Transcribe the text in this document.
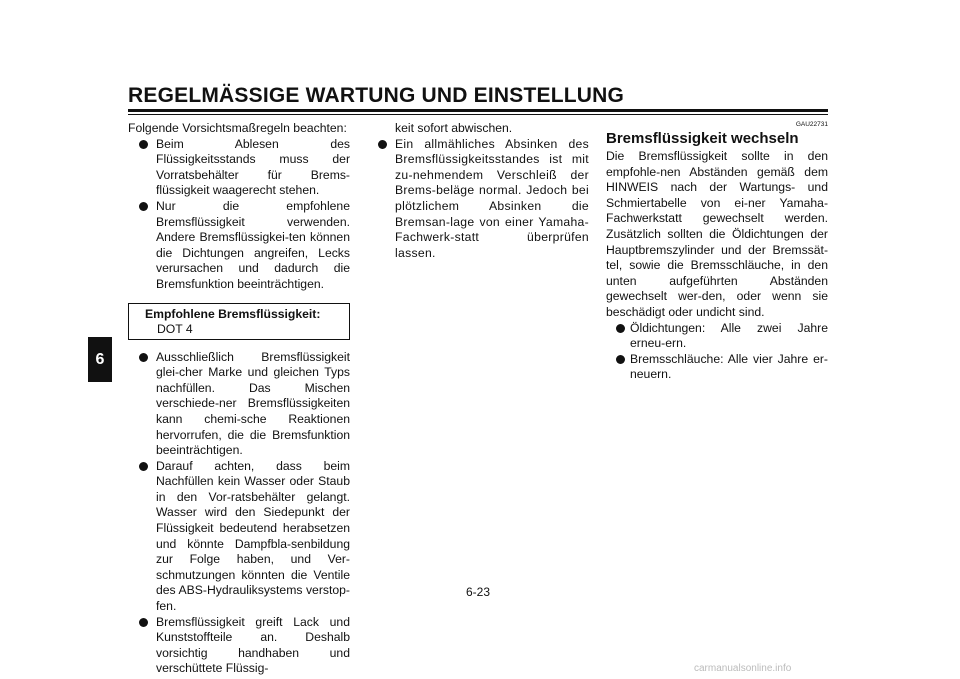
REGELMÄSSIGE WARTUNG UND EINSTELLUNG
6

Folgende Vorsichtsmaßregeln beachten:

Beim Ablesen des Flüssigkeitsstands muss der Vorratsbehälter für Brems-flüssigkeit waagerecht stehen.

Nur die empfohlene Bremsflüssigkeit verwenden. Andere Bremsflüssigkei-ten können die Dichtungen angreifen, Lecks verursachen und dadurch die Bremsfunktion beeinträchtigen.

Empfohlene Bremsflüssigkeit:
DOT 4

Ausschließlich Bremsflüssigkeit glei-cher Marke und gleichen Typs nachfüllen. Das Mischen verschiede-ner Bremsflüssigkeiten kann chemi-sche Reaktionen hervorrufen, die die Bremsfunktion beeinträchtigen.

Darauf achten, dass beim Nachfüllen kein Wasser oder Staub in den Vor-ratsbehälter gelangt. Wasser wird den Siedepunkt der Flüssigkeit bedeutend herabsetzen und könnte Dampfbla-senbildung zur Folge haben, und Ver-schmutzungen könnten die Ventile des ABS-Hydrauliksystems verstop-fen.

Bremsflüssigkeit greift Lack und Kunststoffteile an. Deshalb vorsichtig handhaben und verschüttete Flüssig-

keit sofort abwischen.

Ein allmähliches Absinken des Bremsflüssigkeitsstandes ist mit zu-nehmendem Verschleiß der Brems-beläge normal. Jedoch bei plötzlichem Absinken die Bremsan-lage von einer Yamaha-Fachwerk-statt überprüfen lassen.

GAU22731
Bremsflüssigkeit wechseln

Die Bremsflüssigkeit sollte in den empfohle-nen Abständen gemäß dem HINWEIS nach der Wartungs- und Schmiertabelle von ei-ner Yamaha-Fachwerkstatt gewechselt werden. Zusätzlich sollten die Öldichtungen der Hauptbremszylinder und der Bremssät-tel, sowie die Bremsschläuche, in den unten aufgeführten Abständen gewechselt wer-den, oder wenn sie beschädigt oder undicht sind.

Öldichtungen: Alle zwei Jahre erneu-ern.

Bremsschläuche: Alle vier Jahre er-neuern.

6-23
carmanualsonline.info
